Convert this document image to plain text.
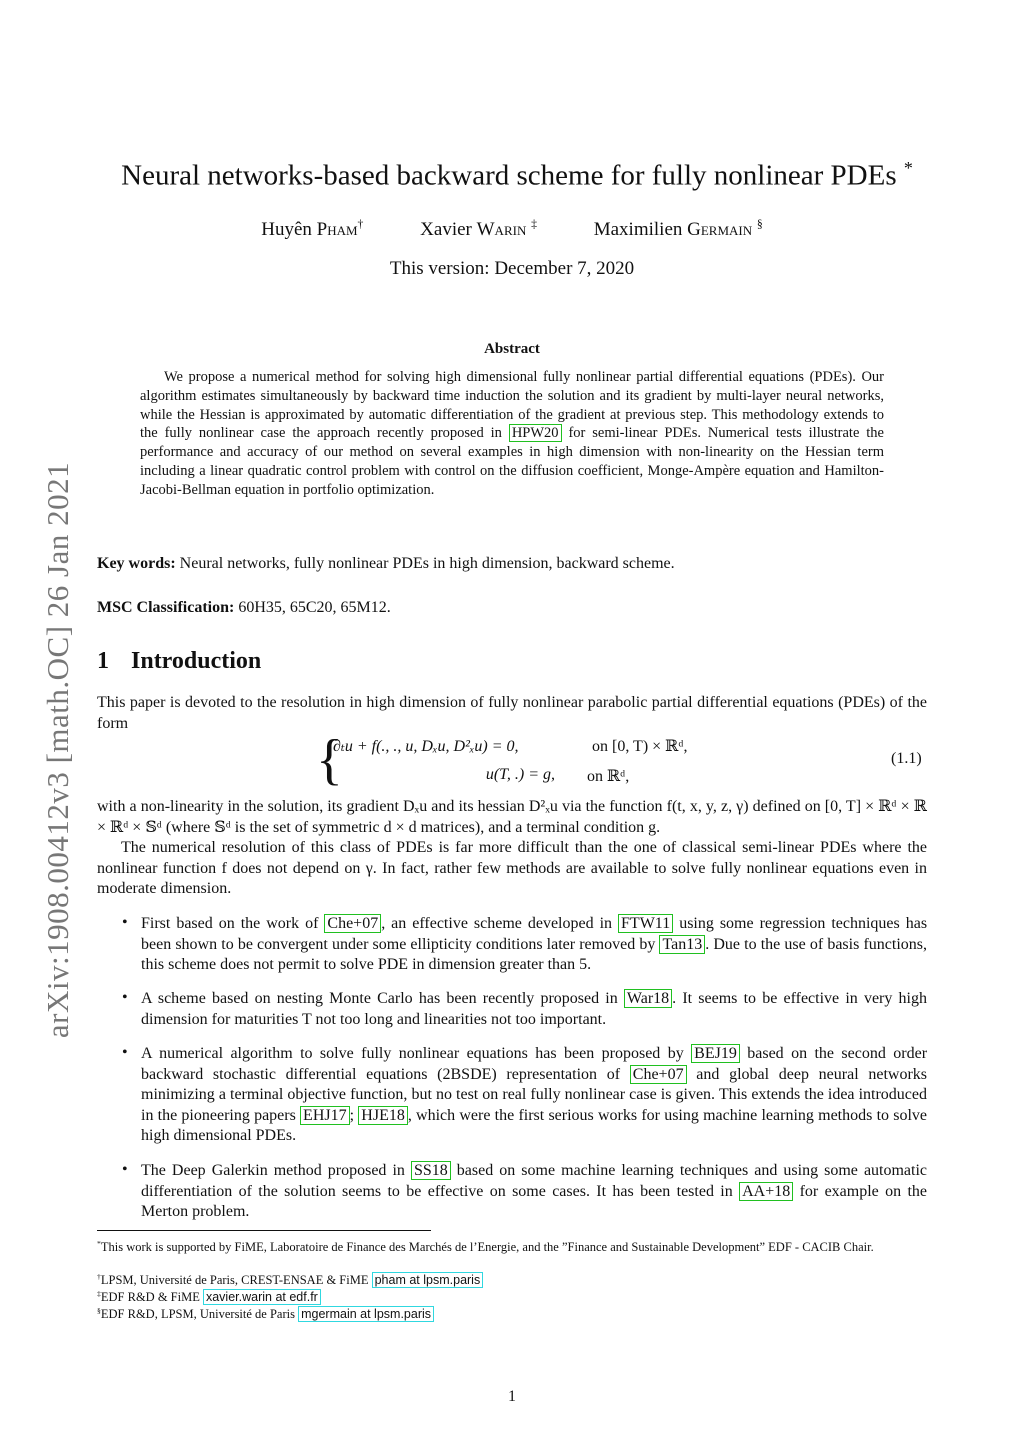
arXiv:1908.00412v3 [math.OC] 26 Jan 2021
Neural networks-based backward scheme for fully nonlinear PDEs *
Huyên Pham†	Xavier Warin ‡	Maximilien Germain §
This version: December 7, 2020
Abstract
We propose a numerical method for solving high dimensional fully nonlinear partial differential equations (PDEs). Our algorithm estimates simultaneously by backward time induction the solution and its gradient by multi-layer neural networks, while the Hessian is approximated by automatic differentiation of the gradient at previous step. This methodology extends to the fully nonlinear case the approach recently proposed in HPW20 for semi-linear PDEs. Numerical tests illustrate the performance and accuracy of our method on several examples in high dimension with non-linearity on the Hessian term including a linear quadratic control problem with control on the diffusion coefficient, Monge-Ampère equation and Hamilton-Jacobi-Bellman equation in portfolio optimization.
Key words: Neural networks, fully nonlinear PDEs in high dimension, backward scheme.
MSC Classification: 60H35, 65C20, 65M12.
1 Introduction
This paper is devoted to the resolution in high dimension of fully nonlinear parabolic partial differential equations (PDEs) of the form
{
∂ₜu + f(., ., u, Dₓu, D²ₓu) = 0,	on [0, T) × ℝᵈ,
u(T, .) = g, on ℝᵈ,
(1.1)
with a non-linearity in the solution, its gradient Dₓu and its hessian D²ₓu via the function f(t, x, y, z, γ) defined on [0, T] × ℝᵈ × ℝ × ℝᵈ × 𝕊ᵈ (where 𝕊ᵈ is the set of symmetric d × d matrices), and a terminal condition g.
The numerical resolution of this class of PDEs is far more difficult than the one of classical semi-linear PDEs where the nonlinear function f does not depend on γ. In fact, rather few methods are available to solve fully nonlinear equations even in moderate dimension.
• First based on the work of Che+07 , an effective scheme developed in FTW11 using some regression techniques has been shown to be convergent under some ellipticity conditions later removed by Tan13 . Due to the use of basis functions, this scheme does not permit to solve PDE in dimension greater than 5.
• A scheme based on nesting Monte Carlo has been recently proposed in War18 . It seems to be effective in very high dimension for maturities T not too long and linearities not too important.
• A numerical algorithm to solve fully nonlinear equations has been proposed by BEJ19 based on the second order backward stochastic differential equations (2BSDE) representation of Che+07 and global deep neural networks minimizing a terminal objective function, but no test on real fully nonlinear case is given. This extends the idea introduced in the pioneering papers EHJ17 ; HJE18 , which were the first serious works for using machine learning methods to solve high dimensional PDEs.
• The Deep Galerkin method proposed in SS18 based on some machine learning techniques and using some automatic differentiation of the solution seems to be effective on some cases. It has been tested in AA+18 for example on the Merton problem.
*This work is supported by FiME, Laboratoire de Finance des Marchés de l’Energie, and the ”Finance and Sustainable Development” EDF - CACIB Chair.
†LPSM, Université de Paris, CREST-ENSAE & FiME pham at lpsm.paris
‡EDF R&D & FiME xavier.warin at edf.fr
§EDF R&D, LPSM, Université de Paris mgermain at lpsm.paris
1
